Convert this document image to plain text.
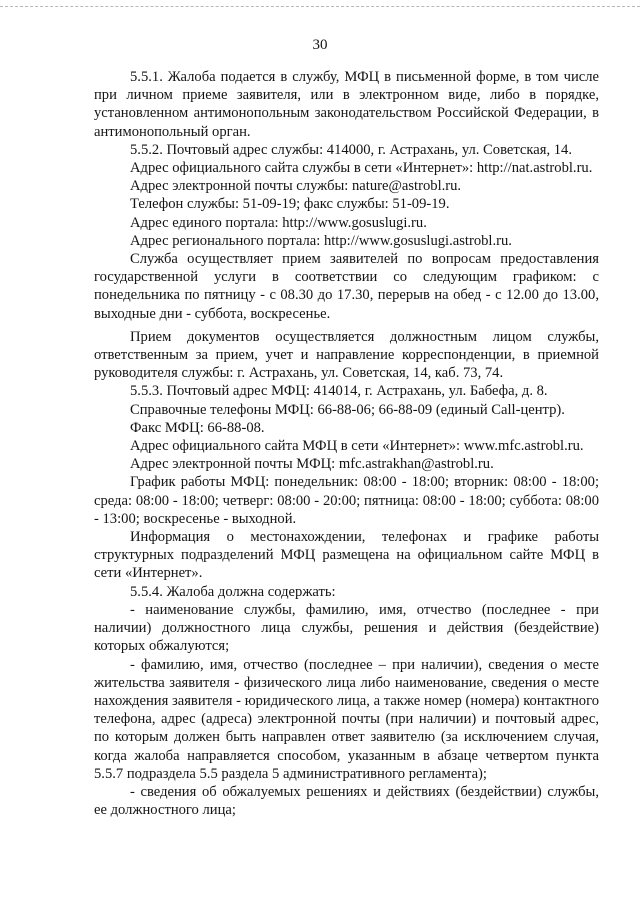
30

5.5.1. Жалоба подается в службу, МФЦ в письменной форме, в том числе при личном приеме заявителя, или в электронном виде, либо в порядке, установленном антимонопольным законодательством Российской Федерации, в антимонопольный орган.

5.5.2. Почтовый адрес службы: 414000, г. Астрахань, ул. Советская, 14.

Адрес официального сайта службы в сети «Интернет»: http://nat.astrobl.ru.

Адрес электронной почты службы: nature@astrobl.ru.

Телефон службы: 51-09-19; факс службы: 51-09-19.

Адрес единого портала: http://www.gosuslugi.ru.

Адрес регионального портала: http://www.gosuslugi.astrobl.ru.

Служба осуществляет прием заявителей по вопросам предоставления государственной услуги в соответствии со следующим графиком: с понедельника по пятницу - с 08.30 до 17.30, перерыв на обед - с 12.00 до 13.00, выходные дни - суббота, воскресенье.

Прием документов осуществляется должностным лицом службы, ответственным за прием, учет и направление корреспонденции, в приемной руководителя службы: г. Астрахань, ул. Советская, 14, каб. 73, 74.

5.5.3. Почтовый адрес МФЦ: 414014, г. Астрахань, ул. Бабефа, д. 8.

Справочные телефоны МФЦ: 66-88-06; 66-88-09 (единый Call-центр).

Факс МФЦ: 66-88-08.

Адрес официального сайта МФЦ в сети «Интернет»: www.mfc.astrobl.ru.

Адрес электронной почты МФЦ: mfc.astrakhan@astrobl.ru.

График работы МФЦ: понедельник: 08:00 - 18:00; вторник: 08:00 - 18:00; среда: 08:00 - 18:00; четверг: 08:00 - 20:00; пятница: 08:00 - 18:00; суббота: 08:00 - 13:00; воскресенье - выходной.

Информация о местонахождении, телефонах и графике работы структурных подразделений МФЦ размещена на официальном сайте МФЦ в сети «Интернет».

5.5.4. Жалоба должна содержать:

- наименование службы, фамилию, имя, отчество (последнее - при наличии) должностного лица службы, решения и действия (бездействие) которых обжалуются;

- фамилию, имя, отчество (последнее – при наличии), сведения о месте жительства заявителя - физического лица либо наименование, сведения о месте нахождения заявителя - юридического лица, а также номер (номера) контактного телефона, адрес (адреса) электронной почты (при наличии) и почтовый адрес, по которым должен быть направлен ответ заявителю (за исключением случая, когда жалоба направляется способом, указанным в абзаце четвертом пункта 5.5.7 подраздела 5.5 раздела 5 административного регламента);

- сведения об обжалуемых решениях и действиях (бездействии) службы, ее должностного лица;
